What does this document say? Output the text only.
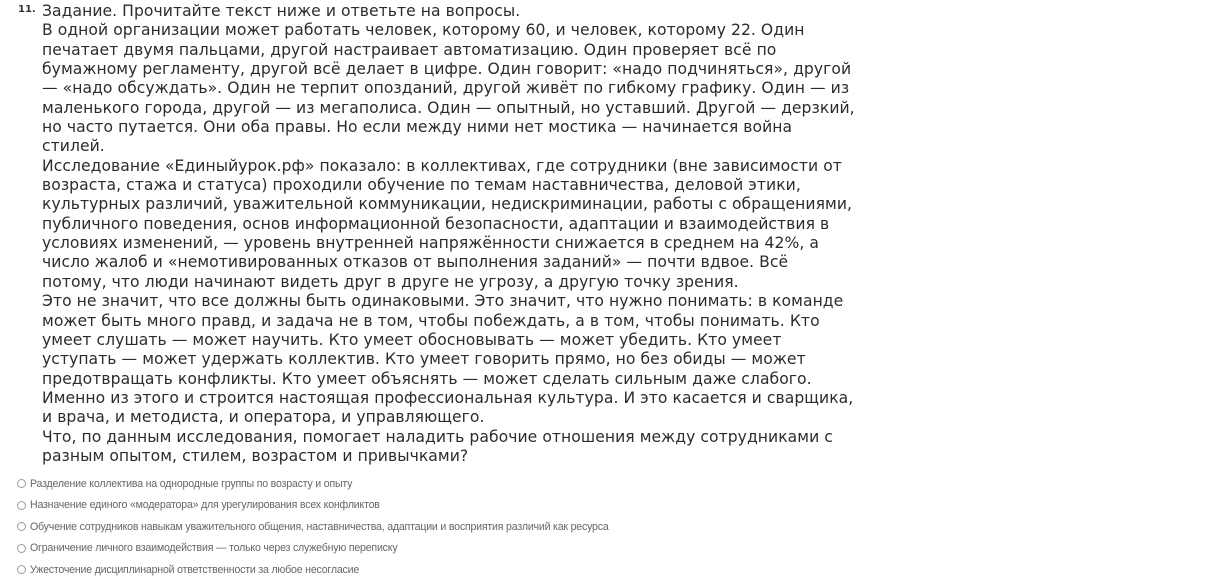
11. Задание. Прочитайте текст ниже и ответьте на вопросы.

В одной организации может работать человек, которому 60, и человек, которому 22. Один

печатает двумя пальцами, другой настраивает автоматизацию. Один проверяет всё по

бумажному регламенту, другой всё делает в цифре. Один говорит: «надо подчиняться», другой

— «надо обсуждать». Один не терпит опозданий, другой живёт по гибкому графику. Один — из

маленького города, другой — из мегаполиса. Один — опытный, но уставший. Другой — дерзкий,

но часто путается. Они оба правы. Но если между ними нет мостика — начинается война

стилей.

Исследование «Единыйурок.рф» показало: в коллективах, где сотрудники (вне зависимости от

возраста, стажа и статуса) проходили обучение по темам наставничества, деловой этики,

культурных различий, уважительной коммуникации, недискриминации, работы с обращениями,

публичного поведения, основ информационной безопасности, адаптации и взаимодействия в

условиях изменений, — уровень внутренней напряжённости снижается в среднем на 42%, а

число жалоб и «немотивированных отказов от выполнения заданий» — почти вдвое. Всё

потому, что люди начинают видеть друг в друге не угрозу, а другую точку зрения.

Это не значит, что все должны быть одинаковыми. Это значит, что нужно понимать: в команде

может быть много правд, и задача не в том, чтобы побеждать, а в том, чтобы понимать. Кто

умеет слушать — может научить. Кто умеет обосновывать — может убедить. Кто умеет

уступать — может удержать коллектив. Кто умеет говорить прямо, но без обиды — может

предотвращать конфликты. Кто умеет объяснять — может сделать сильным даже слабого.

Именно из этого и строится настоящая профессиональная культура. И это касается и сварщика,

и врача, и методиста, и оператора, и управляющего.

Что, по данным исследования, помогает наладить рабочие отношения между сотрудниками с

разным опытом, стилем, возрастом и привычками?

Разделение коллектива на однородные группы по возрасту и опыту
Назначение единого «модератора» для урегулирования всех конфликтов
Обучение сотрудников навыкам уважительного общения, наставничества, адаптации и восприятия различий как ресурса
Ограничение личного взаимодействия — только через служебную переписку
Ужесточение дисциплинарной ответственности за любое несогласие
